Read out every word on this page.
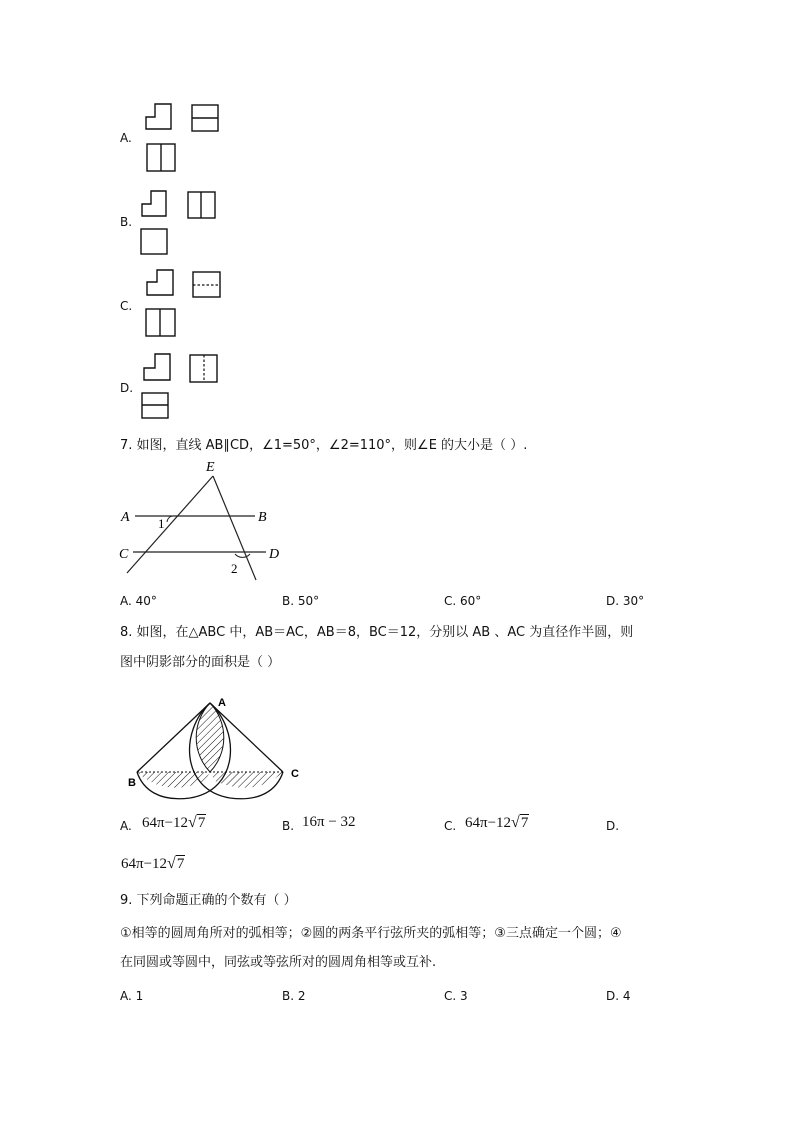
A.
B.
C.
D.
7. 如图，直线 AB∥CD，∠1=50°，∠2=110°，则∠E 的大小是（ ）.
E
A	B
C	D
1
2
A. 40°	B. 50°	C. 60°	D. 30°
8. 如图，在△ABC 中，AB＝AC，AB＝8，BC＝12，分别以 AB 、AC 为直径作半圆，则
图中阴影部分的面积是（ ）
A
B
C
A. 64π−12√7	B. 16π − 32	C. 64π−12√7	D.
64π−12√7
9. 下列命题正确的个数有（ ）
①相等的圆周角所对的弧相等；②圆的两条平行弦所夹的弧相等；③三点确定一个圆；④
在同圆或等圆中，同弦或等弦所对的圆周角相等或互补.
A. 1	B. 2	C. 3	D. 4
